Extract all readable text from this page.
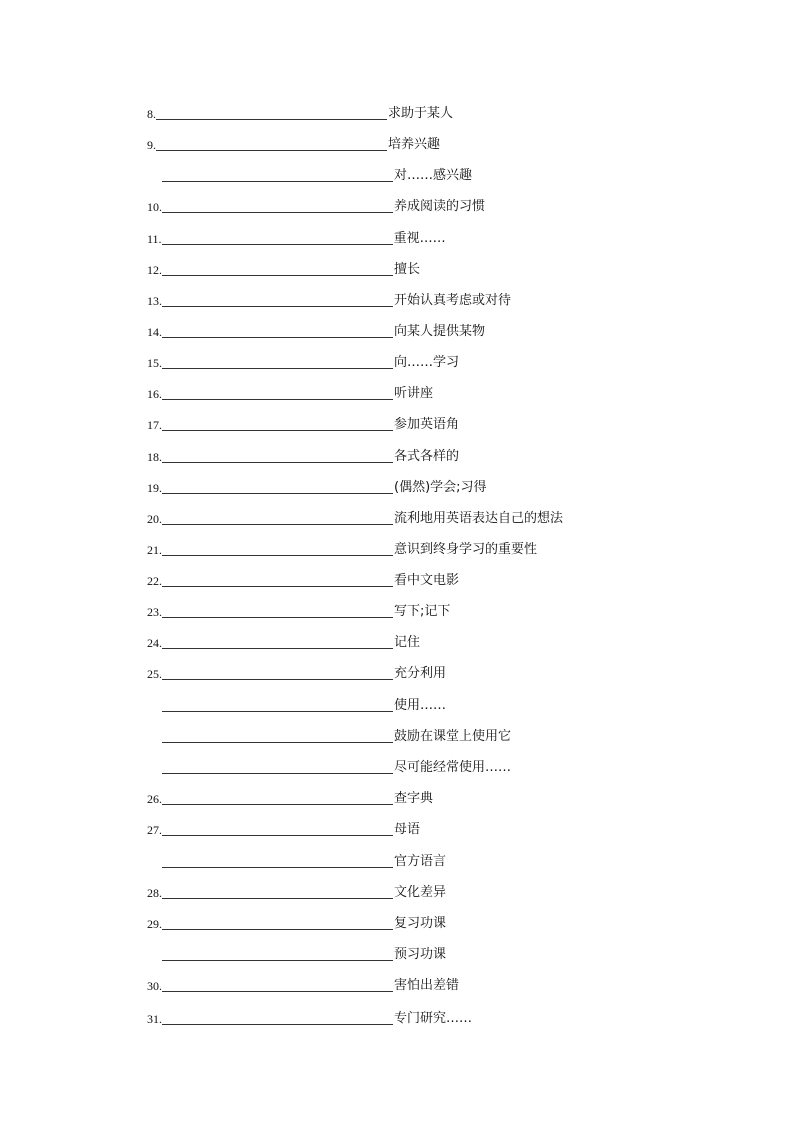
8.	求助于某人
9.	培养兴趣
对……感兴趣
10.	养成阅读的习惯
11.	重视……
12.	擅长
13.	开始认真考虑或对待
14.	向某人提供某物
15.	向……学习
16.	听讲座
17.	参加英语角
18.	各式各样的
19.	(偶然)学会;习得
20.	流利地用英语表达自己的想法
21.	意识到终身学习的重要性
22.	看中文电影
23.	写下;记下
24.	记住
25.	充分利用
使用……
鼓励在课堂上使用它
尽可能经常使用……
26.	查字典
27.	母语
官方语言
28.	文化差异
29.	复习功课
预习功课
30.	害怕出差错
31.	专门研究……
